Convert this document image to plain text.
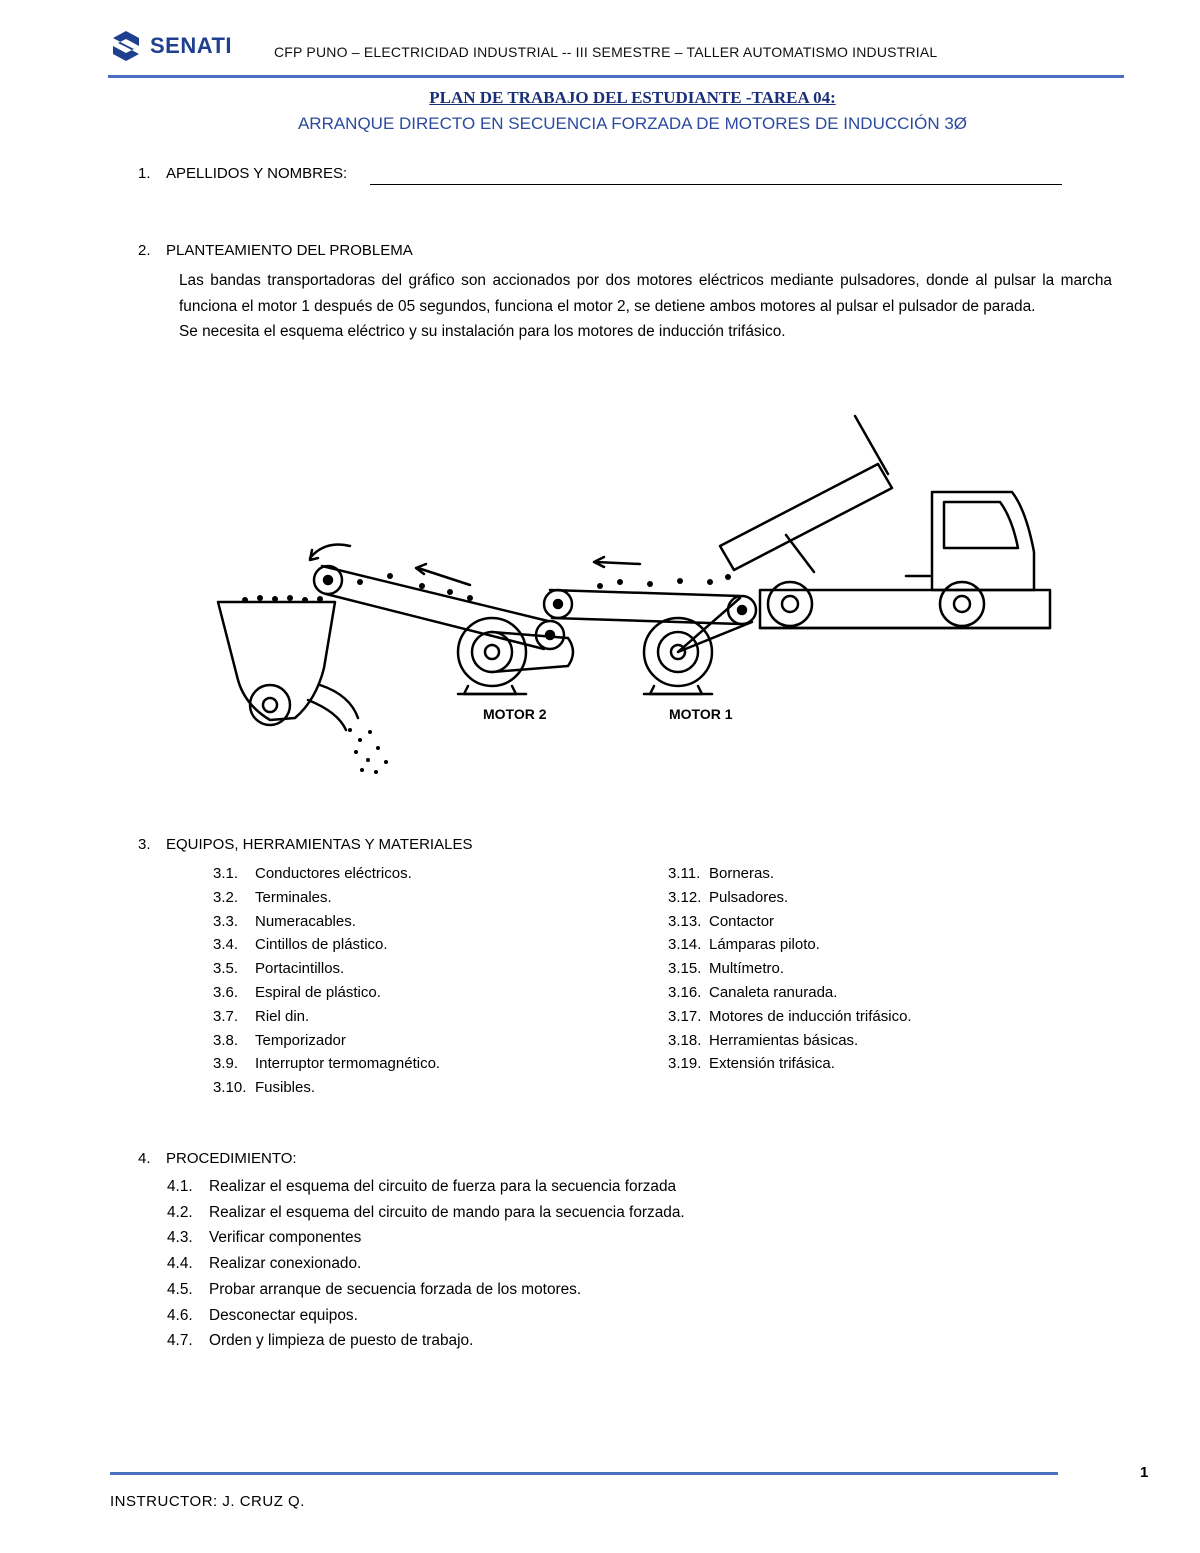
SENATI	CFP PUNO – ELECTRICIDAD INDUSTRIAL -- III SEMESTRE – TALLER AUTOMATISMO INDUSTRIAL
PLAN DE TRABAJO DEL ESTUDIANTE -TAREA 04:
ARRANQUE DIRECTO EN SECUENCIA FORZADA DE MOTORES DE INDUCCIÓN 3Ø
1. APELLIDOS Y NOMBRES:
2. PLANTEAMIENTO DEL PROBLEMA

Las bandas transportadoras del gráfico son accionados por dos motores eléctricos mediante pulsadores, donde al pulsar la marcha funciona el motor 1 después de 05 segundos, funciona el motor 2, se detiene ambos motores al pulsar el pulsador de parada.

Se necesita el esquema eléctrico y su instalación para los motores de inducción trifásico.

MOTOR 2	MOTOR 1
3. EQUIPOS, HERRAMIENTAS Y MATERIALES
3.1. Conductores eléctricos.
3.2. Terminales.
3.3. Numeracables.
3.4. Cintillos de plástico.
3.5. Portacintillos.
3.6. Espiral de plástico.
3.7. Riel din.
3.8. Temporizador
3.9. Interruptor termomagnético.
3.10. Fusibles.
3.11. Borneras.
3.12. Pulsadores.
3.13. Contactor
3.14. Lámparas piloto.
3.15. Multímetro.
3.16. Canaleta ranurada.
3.17. Motores de inducción trifásico.
3.18. Herramientas básicas.
3.19. Extensión trifásica.
4. PROCEDIMIENTO:
4.1. Realizar el esquema del circuito de fuerza para la secuencia forzada
4.2. Realizar el esquema del circuito de mando para la secuencia forzada.
4.3. Verificar componentes
4.4. Realizar conexionado.
4.5. Probar arranque de secuencia forzada de los motores.
4.6. Desconectar equipos.
4.7. Orden y limpieza de puesto de trabajo.
1
INSTRUCTOR: J. CRUZ Q.
